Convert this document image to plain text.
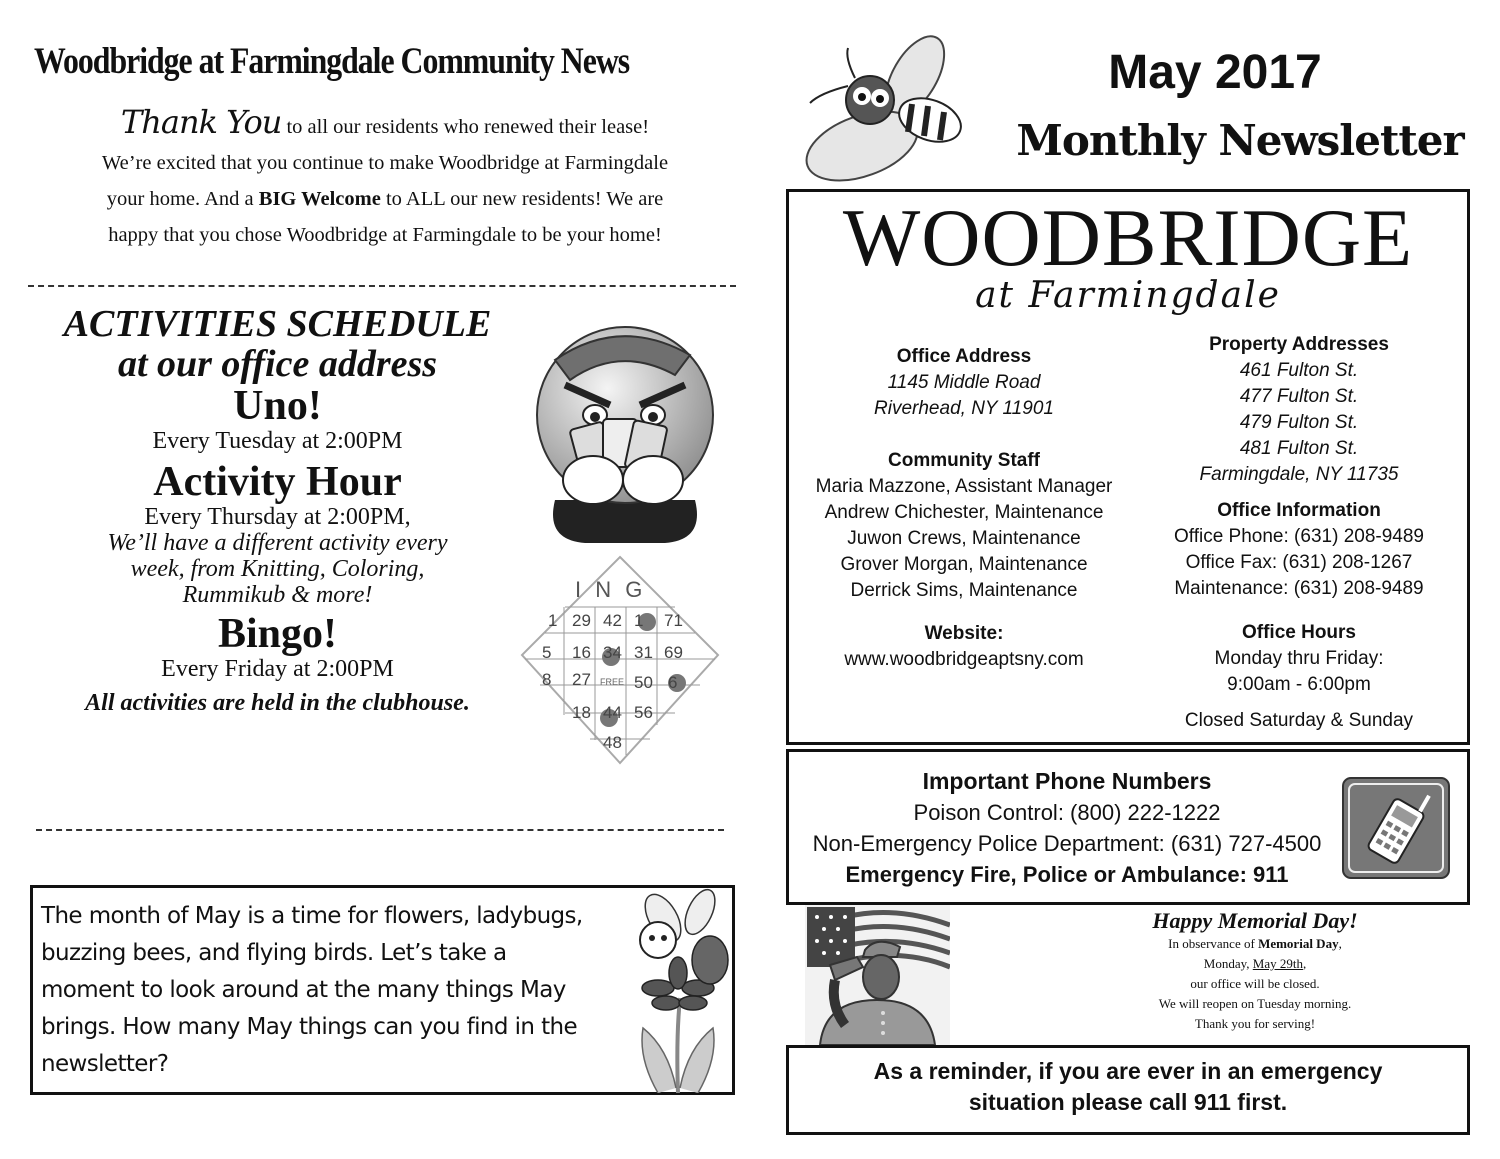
Woodbridge at Farmingdale Community News

Thank You to all our residents who renewed their lease!

We’re excited that you continue to make Woodbridge at Farmingdale

your home. And a BIG Welcome to ALL our new residents! We are

happy that you chose Woodbridge at Farmingdale to be your home!

ACTIVITIES SCHEDULE
at our office address
Uno!
Every Tuesday at 2:00PM
Activity Hour
Every Thursday at 2:00PM,
We’ll have a different activity every
week, from Knitting, Coloring,
Rummikub & more!
Bingo!
Every Friday at 2:00PM
All activities are held in the clubhouse.
I N G
1 29 42 1 71
5 16 34 31 69
8 27 FREE 50 6
18 44 56
48
The month of May is a time for flowers, ladybugs,
buzzing bees, and flying birds. Let’s take a
moment to look around at the many things May
brings. How many May things can you find in the
newsletter?
May 2017
Monthly Newsletter
WOODBRIDGE
at Farmingdale
Office Address
1145 Middle Road
Riverhead, NY 11901
Community Staff
Maria Mazzone, Assistant Manager
Andrew Chichester, Maintenance
Juwon Crews, Maintenance
Grover Morgan, Maintenance
Derrick Sims, Maintenance
Website:
www.woodbridgeaptsny.com
Property Addresses
461 Fulton St.
477 Fulton St.
479 Fulton St.
481 Fulton St.
Farmingdale, NY 11735
Office Information
Office Phone: (631) 208-9489
Office Fax: (631) 208-1267
Maintenance: (631) 208-9489
Office Hours
Monday thru Friday:
9:00am - 6:00pm
Closed Saturday & Sunday
Important Phone Numbers
Poison Control: (800) 222-1222
Non-Emergency Police Department: (631) 727-4500
Emergency Fire, Police or Ambulance: 911
Happy Memorial Day!

In observance of Memorial Day,

Monday, May 29th,

our office will be closed.

We will reopen on Tuesday morning.

Thank you for serving!

As a reminder, if you are ever in an emergency
situation please call 911 first.
